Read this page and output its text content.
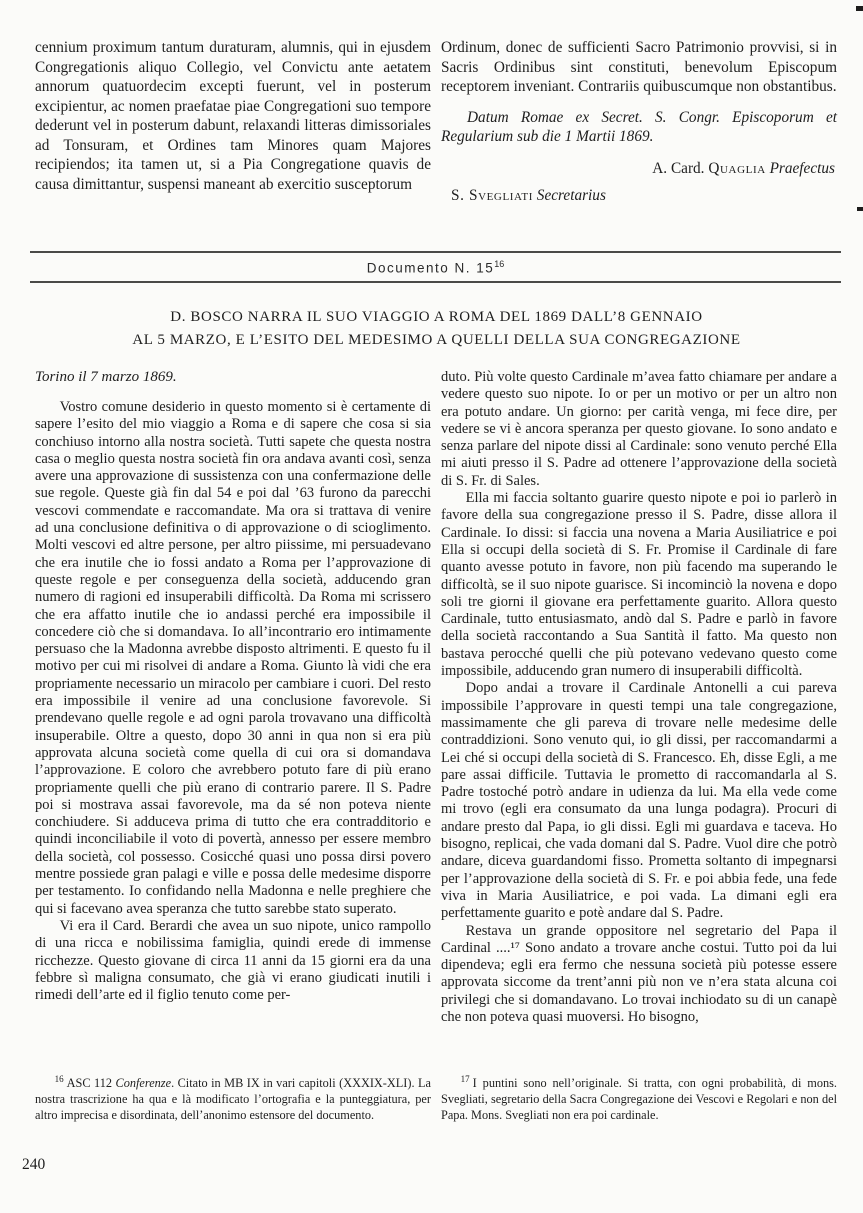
cennium proximum tantum duraturam, alumnis, qui in ejusdem Congregationis aliquo Collegio, vel Convictu ante aetatem annorum quatuordecim excepti fuerunt, vel in posterum excipientur, ac nomen praefatae piae Congregationi suo tempore dederunt vel in posterum dabunt, relaxandi litteras dimissoriales ad Tonsuram, et Ordines tam Minores quam Majores recipiendos; ita tamen ut, si a Pia Congregatione quavis de causa dimittantur, suspensi maneant ab exercitio susceptorum

Ordinum, donec de sufficienti Sacro Patrimonio provvisi, si in Sacris Ordinibus sint constituti, benevolum Episcopum receptorem inveniant. Contrariis quibuscumque non obstantibus.

Datum Romae ex Secret. S. Congr. Episcoporum et Regularium sub die 1 Martii 1869.

A. Card. Quaglia Praefectus

S. Svegliati Secretarius

Documento N. $15^{16}$
D. BOSCO NARRA IL SUO VIAGGIO A ROMA DEL 1869 DALL’8 GENNAIO
AL 5 MARZO, E L’ESITO DEL MEDESIMO A QUELLI DELLA SUA CONGREGAZIONE

Torino il 7 marzo 1869.

Vostro comune desiderio in questo momento si è certamente di sapere l’esito del mio viaggio a Roma e di sapere che cosa si sia conchiuso intorno alla nostra società. Tutti sapete che questa nostra casa o meglio questa nostra società fin ora andava avanti così, senza avere una approvazione di sussistenza con una confermazione delle sue regole. Queste già fin dal 54 e poi dal ’63 furono da parecchi vescovi commendate e raccomandate. Ma ora si trattava di venire ad una conclusione definitiva o di approvazione o di scioglimento. Molti vescovi ed altre persone, per altro piissime, mi persuadevano che era inutile che io fossi andato a Roma per l’approvazione di queste regole e per conseguenza della società, adducendo gran numero di ragioni ed insuperabili difficoltà. Da Roma mi scrissero che era affatto inutile che io andassi perché era impossibile il concedere ciò che si domandava. Io all’incontrario ero intimamente persuaso che la Madonna avrebbe disposto altrimenti. E questo fu il motivo per cui mi risolvei di andare a Roma. Giunto là vidi che era propriamente necessario un miracolo per cambiare i cuori. Del resto era impossibile il venire ad una conclusione favorevole. Si prendevano quelle regole e ad ogni parola trovavano una difficoltà insuperabile. Oltre a questo, dopo 30 anni in qua non si era più approvata alcuna società come quella di cui ora si domandava l’approvazione. E coloro che avrebbero potuto fare di più erano propriamente quelli che più erano di contrario parere. Il S. Padre poi si mostrava assai favorevole, ma da sé non poteva niente conchiudere. Si adduceva prima di tutto che era contradditorio e quindi inconciliabile il voto di povertà, annesso per essere membro della società, col possesso. Cosicché quasi uno possa dirsi povero mentre possiede gran palagi e ville e possa delle medesime disporre per testamento. Io confidando nella Madonna e nelle preghiere che qui si facevano avea speranza che tutto sarebbe stato superato.

Vi era il Card. Berardi che avea un suo nipote, unico rampollo di una ricca e nobilissima famiglia, quindi erede di immense ricchezze. Questo giovane di circa 11 anni da 15 giorni era da una febbre sì maligna consumato, che già vi erano giudicati inutili i rimedi dell’arte ed il figlio tenuto come per-

duto. Più volte questo Cardinale m’avea fatto chiamare per andare a vedere questo suo nipote. Io or per un motivo or per un altro non era potuto andare. Un giorno: per carità venga, mi fece dire, per vedere se vi è ancora speranza per questo giovane. Io sono andato e senza parlare del nipote dissi al Cardinale: sono venuto perché Ella mi aiuti presso il S. Padre ad ottenere l’approvazione della società di S. Fr. di Sales.

Ella mi faccia soltanto guarire questo nipote e poi io parlerò in favore della sua congregazione presso il S. Padre, disse allora il Cardinale. Io dissi: si faccia una novena a Maria Ausiliatrice e poi Ella si occupi della società di S. Fr. Promise il Cardinale di fare quanto avesse potuto in favore, non più facendo ma superando le difficoltà, se il suo nipote guarisce. Si incominciò la novena e dopo soli tre giorni il giovane era perfettamente guarito. Allora questo Cardinale, tutto entusiasmato, andò dal S. Padre e parlò in favore della società raccontando a Sua Santità il fatto. Ma questo non bastava perocché quelli che più potevano vedevano questo come impossibile, adducendo gran numero di insuperabili difficoltà.

Dopo andai a trovare il Cardinale Antonelli a cui pareva impossibile l’approvare in questi tempi una tale congregazione, massimamente che gli pareva di trovare nelle medesime delle contraddizioni. Sono venuto qui, io gli dissi, per raccomandarmi a Lei ché si occupi della società di S. Francesco. Eh, disse Egli, a me pare assai difficile. Tuttavia le prometto di raccomandarla al S. Padre tostoché potrò andare in udienza da lui. Ma ella vede come mi trovo (egli era consumato da una lunga podagra). Procuri di andare presto dal Papa, io gli dissi. Egli mi guardava e taceva. Ho bisogno, replicai, che vada domani dal S. Padre. Vuol dire che potrò andare, diceva guardandomi fisso. Prometta soltanto di impegnarsi per l’approvazione della società di S. Fr. e poi abbia fede, una fede viva in Maria Ausiliatrice, e poi vada. La dimani egli era perfettamente guarito e potè andare dal S. Padre.

Restava un grande oppositore nel segretario del Papa il Cardinal ....¹⁷ Sono andato a trovare anche costui. Tutto poi da lui dipendeva; egli era fermo che nessuna società più potesse essere approvata siccome da trent’anni più non ve n’era stata alcuna coi privilegi che si domandavano. Lo trovai inchiodato su di un canapè che non poteva quasi muoversi. Ho bisogno,

$^{16}$ ASC 112 Conferenze. Citato in MB IX in vari capitoli (XXXIX-XLI). La nostra trascrizione ha qua e là modificato l’ortografia e la punteggiatura, per altro imprecisa e disordinata, dell’anonimo estensore del documento.

$^{17}$ I puntini sono nell’originale. Si tratta, con ogni probabilità, di mons. Svegliati, segretario della Sacra Congregazione dei Vescovi e Regolari e non del Papa. Mons. Svegliati non era poi cardinale.

240
